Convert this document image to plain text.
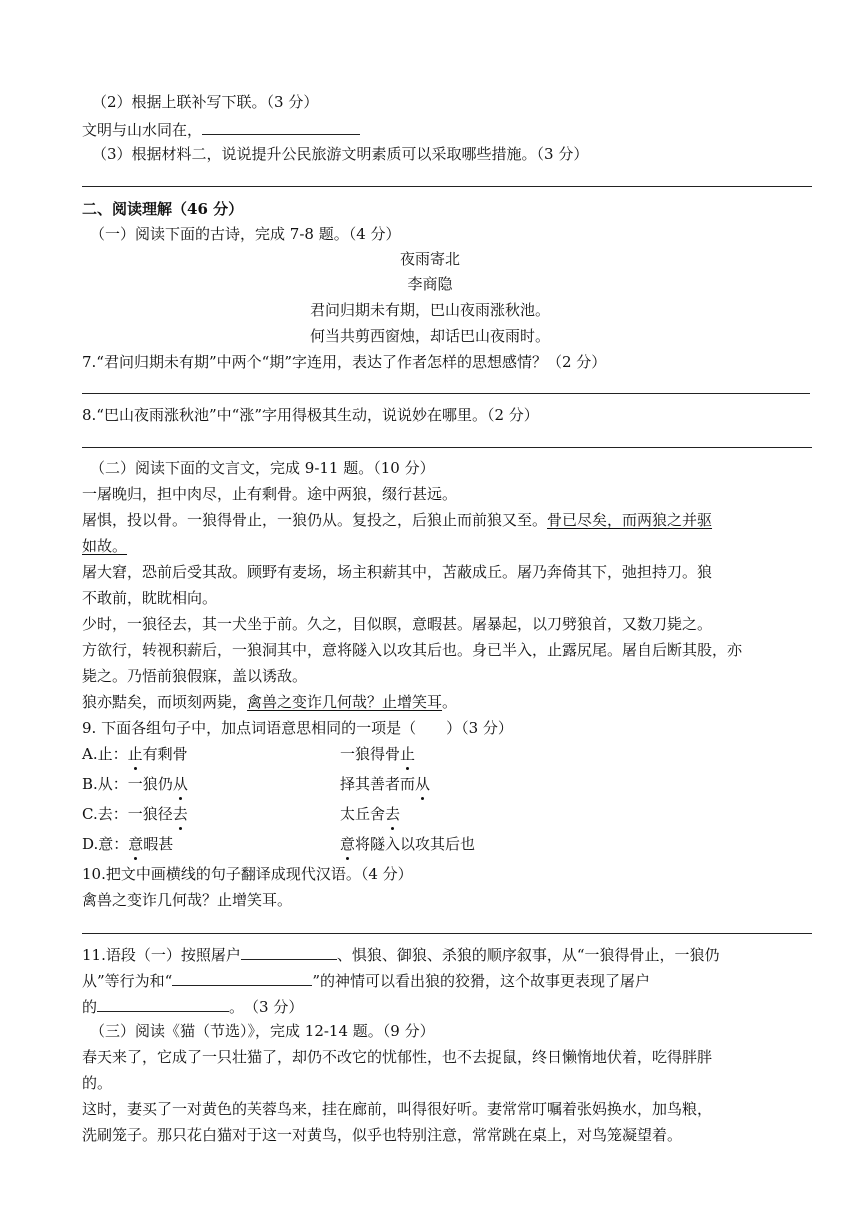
（2）根据上联补写下联。（3 分）
文明与山水同在，
（3）根据材料二，说说提升公民旅游文明素质可以采取哪些措施。（3 分）
二、阅读理解（46 分）
（一）阅读下面的古诗，完成 7-8 题。（4 分）
夜雨寄北
李商隐
君问归期未有期，巴山夜雨涨秋池。
何当共剪西窗烛，却话巴山夜雨时。
7.“君问归期未有期”中两个“期”字连用，表达了作者怎样的思想感情？（2 分）
8.“巴山夜雨涨秋池”中“涨”字用得极其生动，说说妙在哪里。（2 分）
（二）阅读下面的文言文，完成 9-11 题。（10 分）
一屠晚归，担中肉尽，止有剩骨。途中两狼，缀行甚远。
屠惧，投以骨。一狼得骨止，一狼仍从。复投之，后狼止而前狼又至。骨已尽矣，而两狼之并驱
如故。
屠大窘，恐前后受其敌。顾野有麦场，场主积薪其中，苫蔽成丘。屠乃奔倚其下，弛担持刀。狼
不敢前，眈眈相向。
少时，一狼径去，其一犬坐于前。久之，目似瞑，意暇甚。屠暴起，以刀劈狼首，又数刀毙之。
方欲行，转视积薪后，一狼洞其中，意将隧入以攻其后也。身已半入，止露尻尾。屠自后断其股，亦
毙之。乃悟前狼假寐，盖以诱敌。
狼亦黠矣，而顷刻两毙，禽兽之变诈几何哉？止增笑耳。
9. 下面各组句子中，加点词语意思相同的一项是（　　）（3 分）
A.止：止有剩骨	一狼得骨止
B.从：一狼仍从	择其善者而从
C.去：一狼径去	太丘舍去
D.意：意暇甚	意将隧入以攻其后也
10.把文中画横线的句子翻译成现代汉语。（4 分）
禽兽之变诈几何哉？止增笑耳。
11.语段（一）按照屠户	、惧狼、御狼、杀狼的顺序叙事，从“一狼得骨止，一狼仍
从”等行为和“	”的神情可以看出狼的狡猾，这个故事更表现了屠户
的	。　（3 分）
（三）阅读《猫（节选）》，完成 12-14 题。（9 分）
春天来了，它成了一只壮猫了，却仍不改它的忧郁性，也不去捉鼠，终日懒惰地伏着，吃得胖胖
的。
这时，妻买了一对黄色的芙蓉鸟来，挂在廊前，叫得很好听。妻常常叮嘱着张妈换水，加鸟粮，
洗刷笼子。那只花白猫对于这一对黄鸟，似乎也特别注意，常常跳在桌上，对鸟笼凝望着。
